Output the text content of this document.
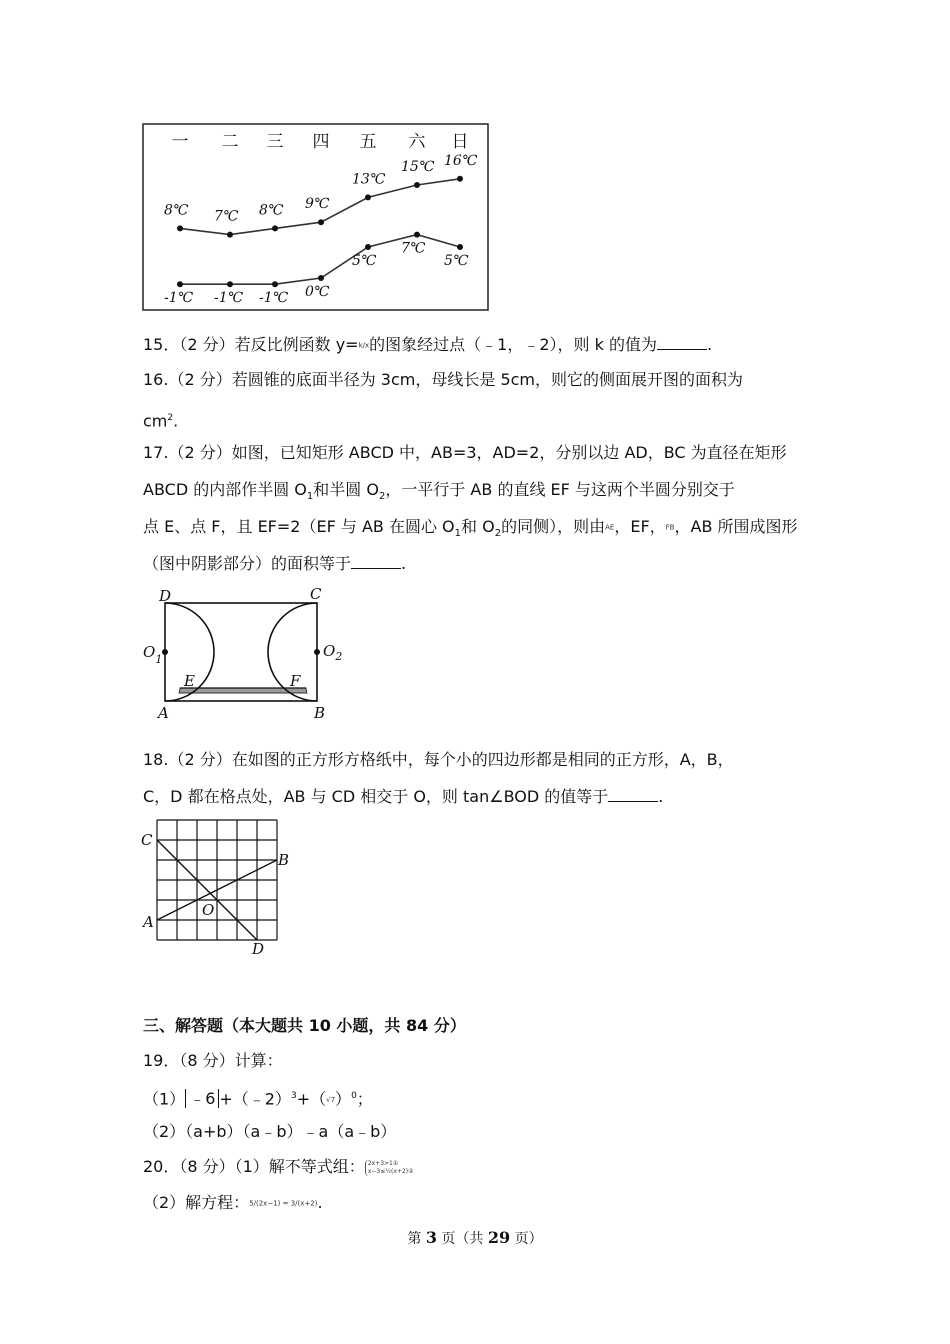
一 二 三 四 五 六 日
8℃ 7℃ 8℃ 9℃
13℃
15℃ 16℃
-1℃ -1℃ -1℃ 0℃
5℃
7℃
5℃
15．（2 分）若反比例函数 y=k/x的图象经过点（﹣1，﹣2），则 k 的值为	.
16.（2 分）若圆锥的底面半径为 3cm，母线长是 5cm，则它的侧面展开图的面积为
$cm^2$.
17.（2 分）如图，已知矩形 ABCD 中，AB=3，AD=2，分别以边 AD，BC 为直径在矩形
ABCD 的内部作半圆 $O_1$和半圆 $O_2$，一平行于 AB 的直线 EF 与这两个半圆分别交于
点 E、点 F，且 EF=2（EF 与 AB 在圆心 $O_1$和 $O_2$的同侧），则由AE，EF，FB，AB 所围成图形
（图中阴影部分）的面积等于	.
D	C
$O_1$	$O_2$
E	F
A	B
18.（2 分）在如图的正方形方格纸中，每个小的四边形都是相同的正方形，A，B，
C，D 都在格点处，AB 与 CD 相交于 O，则 tan∠BOD 的值等于	.
C
B
O
A
D
三、解答题（本大题共 10 小题，共 84 分）
19．（8 分）计算：
（1） ﹣6 $+(﹣2)^3+(√7)^0$；
（2）（a+b）（a﹣b）﹣a（a﹣b）
20．（8 分）（1）解不等式组： 2x+3>1①
x−3≤½(x+2)②
（2）解方程：5/(2x−1) = 3/(x+2).
第 3 页（共 29 页）
